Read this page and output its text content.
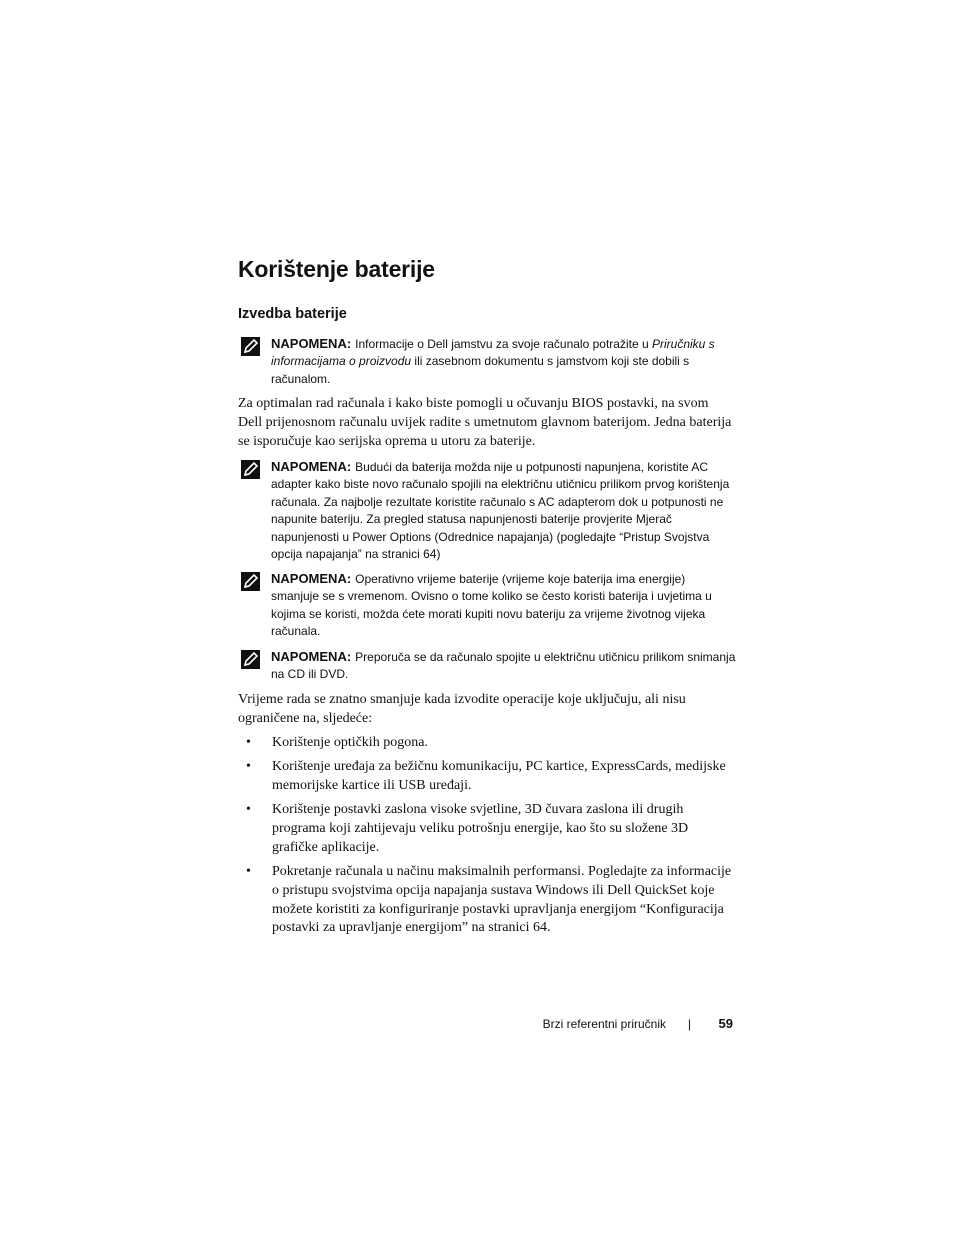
Korištenje baterije
Izvedba baterije
NAPOMENA: Informacije o Dell jamstvu za svoje računalo potražite u Priručniku s informacijama o proizvodu ili zasebnom dokumentu s jamstvom koji ste dobili s računalom.

Za optimalan rad računala i kako biste pomogli u očuvanju BIOS postavki, na svom Dell prijenosnom računalu uvijek radite s umetnutom glavnom baterijom. Jedna baterija se isporučuje kao serijska oprema u utoru za baterije.

NAPOMENA: Budući da baterija možda nije u potpunosti napunjena, koristite AC adapter kako biste novo računalo spojili na električnu utičnicu prilikom prvog korištenja računala. Za najbolje rezultate koristite računalo s AC adapterom dok u potpunosti ne napunite bateriju. Za pregled statusa napunjenosti baterije provjerite Mjerač napunjenosti u Power Options (Odrednice napajanja) (pogledajte “Pristup Svojstva opcija napajanja” na stranici 64)
NAPOMENA: Operativno vrijeme baterije (vrijeme koje baterija ima energije) smanjuje se s vremenom. Ovisno o tome koliko se često koristi baterija i uvjetima u kojima se koristi, možda ćete morati kupiti novu bateriju za vrijeme životnog vijeka računala.
NAPOMENA: Preporuča se da računalo spojite u električnu utičnicu prilikom snimanja na CD ili DVD.

Vrijeme rada se znatno smanjuje kada izvodite operacije koje uključuju, ali nisu ograničene na, sljedeće:

• Korištenje optičkih pogona.
• Korištenje uređaja za bežičnu komunikaciju, PC kartice, ExpressCards, medijske memorijske kartice ili USB uređaji.
• Korištenje postavki zaslona visoke svjetline, 3D čuvara zaslona ili drugih programa koji zahtijevaju veliku potrošnju energije, kao što su složene 3D grafičke aplikacije.
• Pokretanje računala u načinu maksimalnih performansi. Pogledajte za informacije o pristupu svojstvima opcija napajanja sustava Windows ili Dell QuickSet koje možete koristiti za konfiguriranje postavki upravljanja energijom “Konfiguracija postavki za upravljanje energijom” na stranici 64.
Brzi referentni priručnik | 59
